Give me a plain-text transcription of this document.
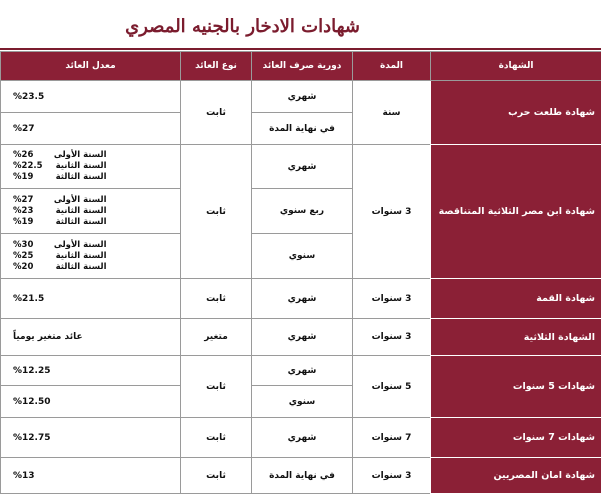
شهادات الادخار بالجنيه المصري
الشهادة	المدة	دورية صرف العائد	نوع العائد	معدل العائد
شهادة طلعت حرب	سنة	شهري	ثابت	%23.5
		في نهاية المدة		%27
شهادة ابن مصر الثلاثية المتناقصة	3 سنوات	شهري	ثابت	السنة الأولى26%
السنة الثانية22.5%
السنة الثالثة19%

		ربع سنوي		السنة الأولى27%
السنة الثانية23%
السنة الثالثة19%

		سنوي		السنة الأولى30%
السنة الثانية25%
السنة الثالثة20%

شهادة القمة	3 سنوات	شهري	ثابت	%21.5
الشهادة الثلاثية	3 سنوات	شهري	متغير	عائد متغير يومياً
شهادات 5 سنوات	5 سنوات	شهري	ثابت	%12.25
		سنوي		%12.50
شهادات 7 سنوات	7 سنوات	شهري	ثابت	%12.75
شهادة امان المصريين	3 سنوات	في نهاية المدة	ثابت	%13
